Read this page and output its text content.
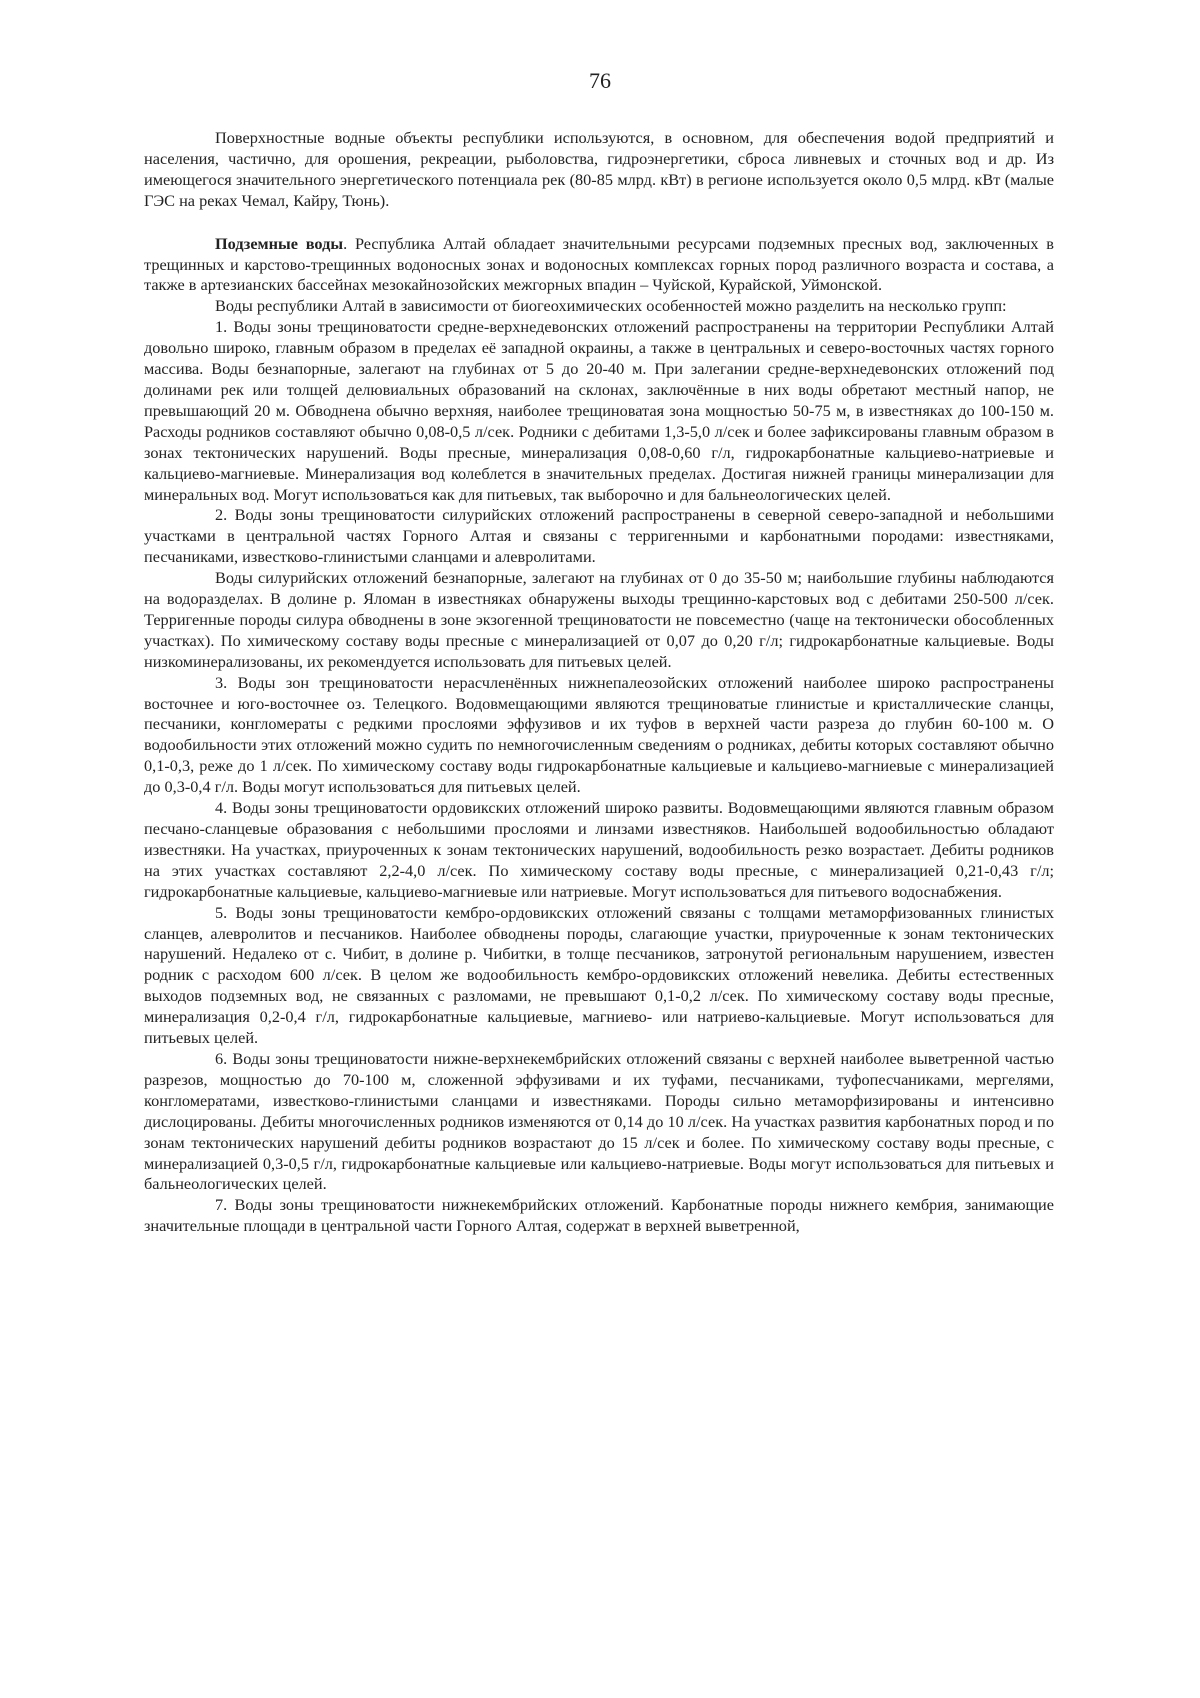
76

Поверхностные водные объекты республики используются, в основном, для обеспечения водой предприятий и населения, частично, для орошения, рекреации, рыболовства, гидроэнергетики, сброса ливневых и сточных вод и др. Из имеющегося значительного энергетического потенциала рек (80-85 млрд. кВт) в регионе используется около 0,5 млрд. кВт (малые ГЭС на реках Чемал, Кайру, Тюнь).

Подземные воды. Республика Алтай обладает значительными ресурсами подземных пресных вод, заключенных в трещинных и карстово-трещинных водоносных зонах и водоносных комплексах горных пород различного возраста и состава, а также в артезианских бассейнах мезокайнозойских межгорных впадин – Чуйской, Курайской, Уймонской.

Воды республики Алтай в зависимости от биогеохимических особенностей можно разделить на несколько групп:

1. Воды зоны трещиноватости средне-верхнедевонских отложений распространены на территории Республики Алтай довольно широко, главным образом в пределах её западной окраины, а также в центральных и северо-восточных частях горного массива. Воды безнапорные, залегают на глубинах от 5 до 20-40 м. При залегании средне-верхнедевонских отложений под долинами рек или толщей делювиальных образований на склонах, заключённые в них воды обретают местный напор, не превышающий 20 м. Обводнена обычно верхняя, наиболее трещиноватая зона мощностью 50-75 м, в известняках до 100-150 м. Расходы родников составляют обычно 0,08-0,5 л/сек. Родники с дебитами 1,3-5,0 л/сек и более зафиксированы главным образом в зонах тектонических нарушений. Воды пресные, минерализация 0,08-0,60 г/л, гидрокарбонатные кальциево-натриевые и кальциево-магниевые. Минерализация вод колеблется в значительных пределах. Достигая нижней границы минерализации для минеральных вод. Могут использоваться как для питьевых, так выборочно и для бальнеологических целей.

2. Воды зоны трещиноватости силурийских отложений распространены в северной северо-западной и небольшими участками в центральной частях Горного Алтая и связаны с терригенными и карбонатными породами: известняками, песчаниками, известково-глинистыми сланцами и алевролитами.

Воды силурийских отложений безнапорные, залегают на глубинах от 0 до 35-50 м; наибольшие глубины наблюдаются на водоразделах. В долине р. Яломан в известняках обнаружены выходы трещинно-карстовых вод с дебитами 250-500 л/сек. Терригенные породы силура обводнены в зоне экзогенной трещиноватости не повсеместно (чаще на тектонически обособленных участках). По химическому составу воды пресные с минерализацией от 0,07 до 0,20 г/л; гидрокарбонатные кальциевые. Воды низкоминерализованы, их рекомендуется использовать для питьевых целей.

3. Воды зон трещиноватости нерасчленённых нижнепалеозойских отложений наиболее широко распространены восточнее и юго-восточнее оз. Телецкого. Водовмещающими являются трещиноватые глинистые и кристаллические сланцы, песчаники, конгломераты с редкими прослоями эффузивов и их туфов в верхней части разреза до глубин 60-100 м. О водообильности этих отложений можно судить по немногочисленным сведениям о родниках, дебиты которых составляют обычно 0,1-0,3, реже до 1 л/сек. По химическому составу воды гидрокарбонатные кальциевые и кальциево-магниевые с минерализацией до 0,3-0,4 г/л. Воды могут использоваться для питьевых целей.

4. Воды зоны трещиноватости ордовикских отложений широко развиты. Водовмещающими являются главным образом песчано-сланцевые образования с небольшими прослоями и линзами известняков. Наибольшей водообильностью обладают известняки. На участках, приуроченных к зонам тектонических нарушений, водообильность резко возрастает. Дебиты родников на этих участках составляют 2,2-4,0 л/сек. По химическому составу воды пресные, с минерализацией 0,21-0,43 г/л; гидрокарбонатные кальциевые, кальциево-магниевые или натриевые. Могут использоваться для питьевого водоснабжения.

5. Воды зоны трещиноватости кембро-ордовикских отложений связаны с толщами метаморфизованных глинистых сланцев, алевролитов и песчаников. Наиболее обводнены породы, слагающие участки, приуроченные к зонам тектонических нарушений. Недалеко от с. Чибит, в долине р. Чибитки, в толще песчаников, затронутой региональным нарушением, известен родник с расходом 600 л/сек. В целом же водообильность кембро-ордовикских отложений невелика. Дебиты естественных выходов подземных вод, не связанных с разломами, не превышают 0,1-0,2 л/сек. По химическому составу воды пресные, минерализация 0,2-0,4 г/л, гидрокарбонатные кальциевые, магниево- или натриево-кальциевые. Могут использоваться для питьевых целей.

6. Воды зоны трещиноватости нижне-верхнекембрийских отложений связаны с верхней наиболее выветренной частью разрезов, мощностью до 70-100 м, сложенной эффузивами и их туфами, песчаниками, туфопесчаниками, мергелями, конгломератами, известково-глинистыми сланцами и известняками. Породы сильно метаморфизированы и интенсивно дислоцированы. Дебиты многочисленных родников изменяются от 0,14 до 10 л/сек. На участках развития карбонатных пород и по зонам тектонических нарушений дебиты родников возрастают до 15 л/сек и более. По химическому составу воды пресные, с минерализацией 0,3-0,5 г/л, гидрокарбонатные кальциевые или кальциево-натриевые. Воды могут использоваться для питьевых и бальнеологических целей.

7. Воды зоны трещиноватости нижнекембрийских отложений. Карбонатные породы нижнего кембрия, занимающие значительные площади в центральной части Горного Алтая, содержат в верхней выветренной,
